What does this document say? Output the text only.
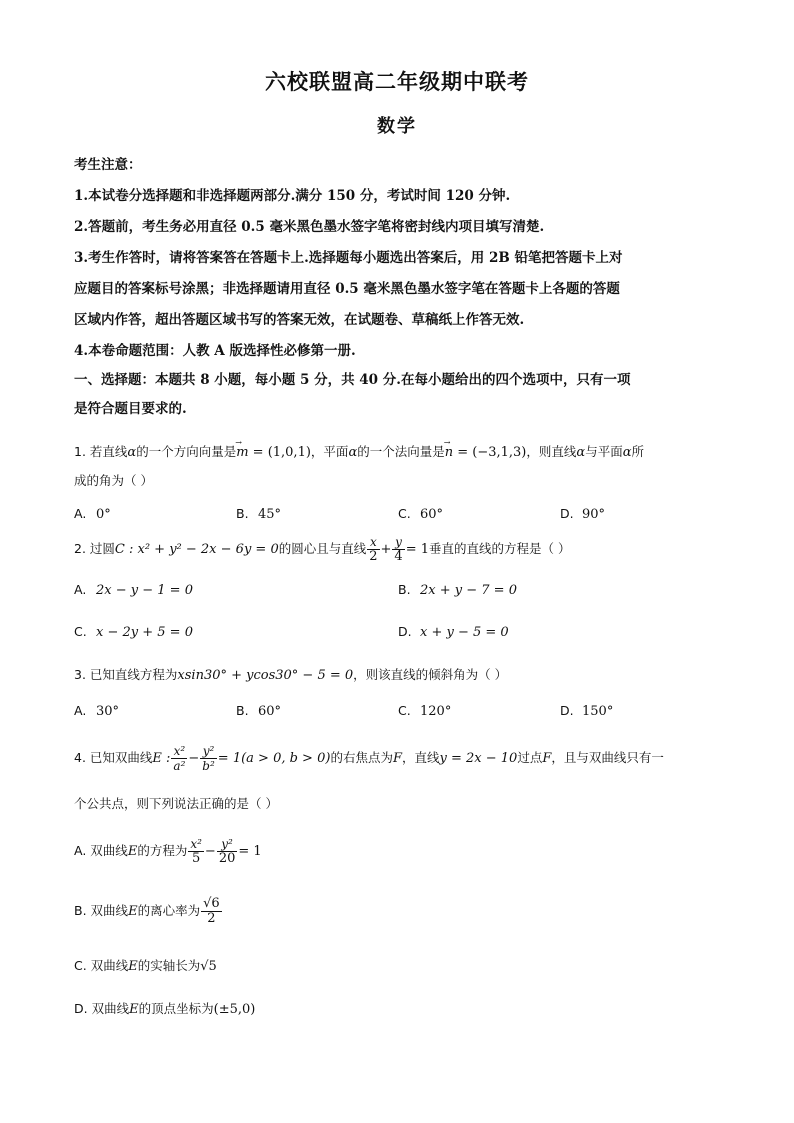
六校联盟高二年级期中联考
数学

考生注意：

1.本试卷分选择题和非选择题两部分.满分 150 分，考试时间 120 分钟.

2.答题前，考生务必用直径 0.5 毫米黑色墨水签字笔将密封线内项目填写清楚.

3.考生作答时，请将答案答在答题卡上.选择题每小题选出答案后，用 2B 铅笔把答题卡上对

应题目的答案标号涂黑；非选择题请用直径 0.5 毫米黑色墨水签字笔在答题卡上各题的答题

区域内作答，超出答题区域书写的答案无效，在试题卷、草稿纸上作答无效.

4.本卷命题范围：人教 A 版选择性必修第一册.

一、选择题：本题共 8 小题，每小题 5 分，共 40 分.在每小题给出的四个选项中，只有一项
是符合题目要求的.
1. 若直线α的一个方向向量是→ m = (1,0,1)，平面α的一个法向量是→ n = (−3,1,3)，则直线α与平面α所
成的角为（ ）
A. 0°	B. 45°	C. 60°	D. 90°
2. 过圆C : x² + y² − 2x − 6y = 0的圆心且与直线 $\frac{x}{2} + \frac{y}{4} = 1$垂直的直线的方程是（ ）
A. 2x − y − 1 = 0	B. 2x + y − 7 = 0
C. x − 2y + 5 = 0	D. x + y − 5 = 0
3. 已知直线方程为xsin30° + ycos30° − 5 = 0，则该直线的倾斜角为（ ）
A. 30°	B. 60°	C. 120°	D. 150°
4. 已知双曲线E : $\frac{\text{x²}}{\text{a²}} - \frac{\text{y²}}{\text{b²}} = 1(a > 0$, b > 0)的右焦点为F，直线y = 2x − 10过点F，且与双曲线只有一
个公共点，则下列说法正确的是（ ）
A. 双曲线E的方程为 $\frac{\text{x²}}{5} - \frac{\text{y²}}{20} = 1$
B. 双曲线E的离心率为 $\frac{√6}{2}$
C. 双曲线E的实轴长为√5
D. 双曲线E的顶点坐标为(±5,0)
